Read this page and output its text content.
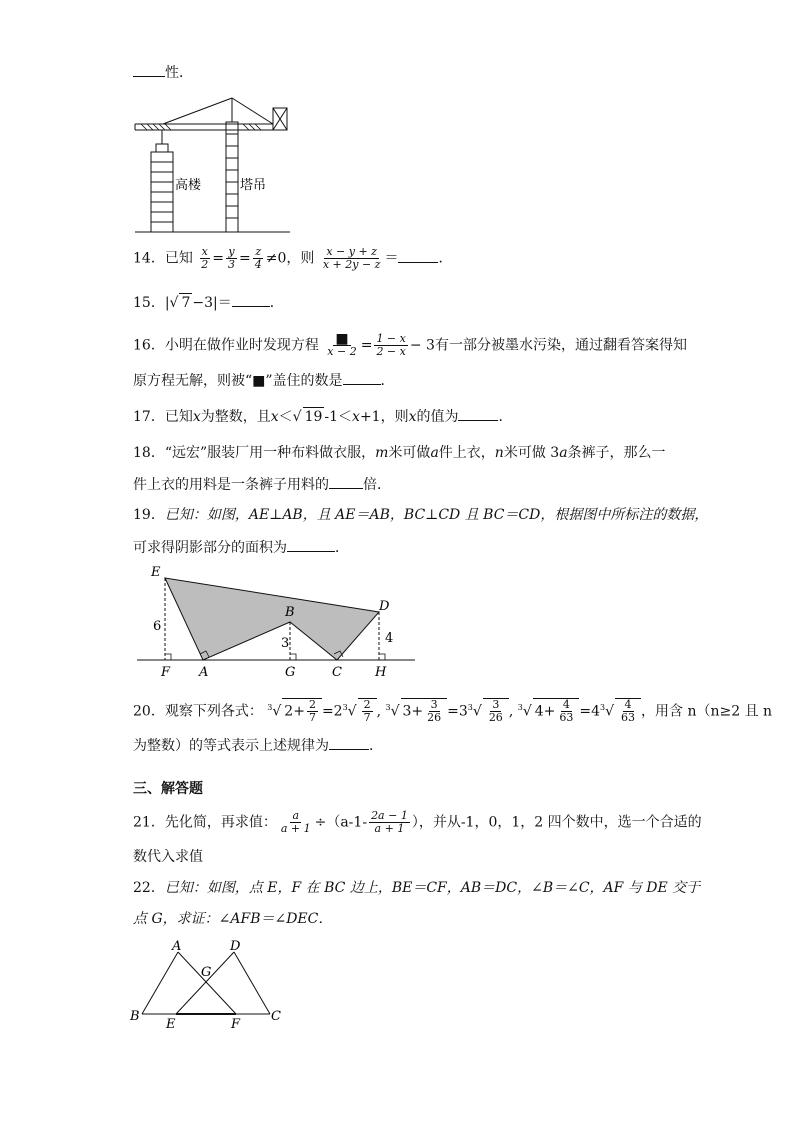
性．
高楼	塔吊
14．已知 $\frac{x}{2} = \frac{y}{3} = \frac{z}{4} \ne 0$，则 $\frac{x - y + z}{x + 2y - z}$ ＝	．
15．|√ 7 −3|＝	．
16．小明在做作业时发现方程 $\frac{■}{x - 2} = \frac{1 - x}{2 - x} - 3$有一部分被墨水污染，通过翻看答案得知
原方程无解，则被“■”盖住的数是	．
17．已知x为整数，且x＜√ 19 -1＜x+1，则x的值为	．
18．“远宏”服装厂用一种布料做衣服，m米可做a件上衣，n米可做 3a条裤子，那么一
件上衣的用料是一条裤子用料的 倍．
19．已知：如图，AE⊥AB，且 AE＝AB，BC⊥CD 且 BC＝CD，根据图中所标注的数据，
可求得阴影部分的面积为	．
E
D
B
F A	G	C	H
6
3	4
20．观察下列各式： $^3$√ $2+ \frac{2}{7} =2^3√ \frac{2}{7}$ , $^3$√ $3+ \frac{3}{26} =3^3√ \frac{3}{26}$ , $^3$√ $4+ \frac{4}{63} =4^3√ \frac{4}{63}$ ，用含 n（n≥2 且 n
为整数）的等式表示上述规律为	．
三、解答题
21．先化简，再求值： $\frac{a}{a + 1} \div(a-1- \frac{2a - 1}{a + 1}$ ），并从-1，0，1，2 四个数中，选一个合适的
数代入求值
22．已知：如图，点 E，F 在 BC 边上，BE＝CF，AB＝DC，∠B＝∠C，AF 与 DE 交于
点 G，求证：∠AFB＝∠DEC．
A	D
G
B
E	F
C
